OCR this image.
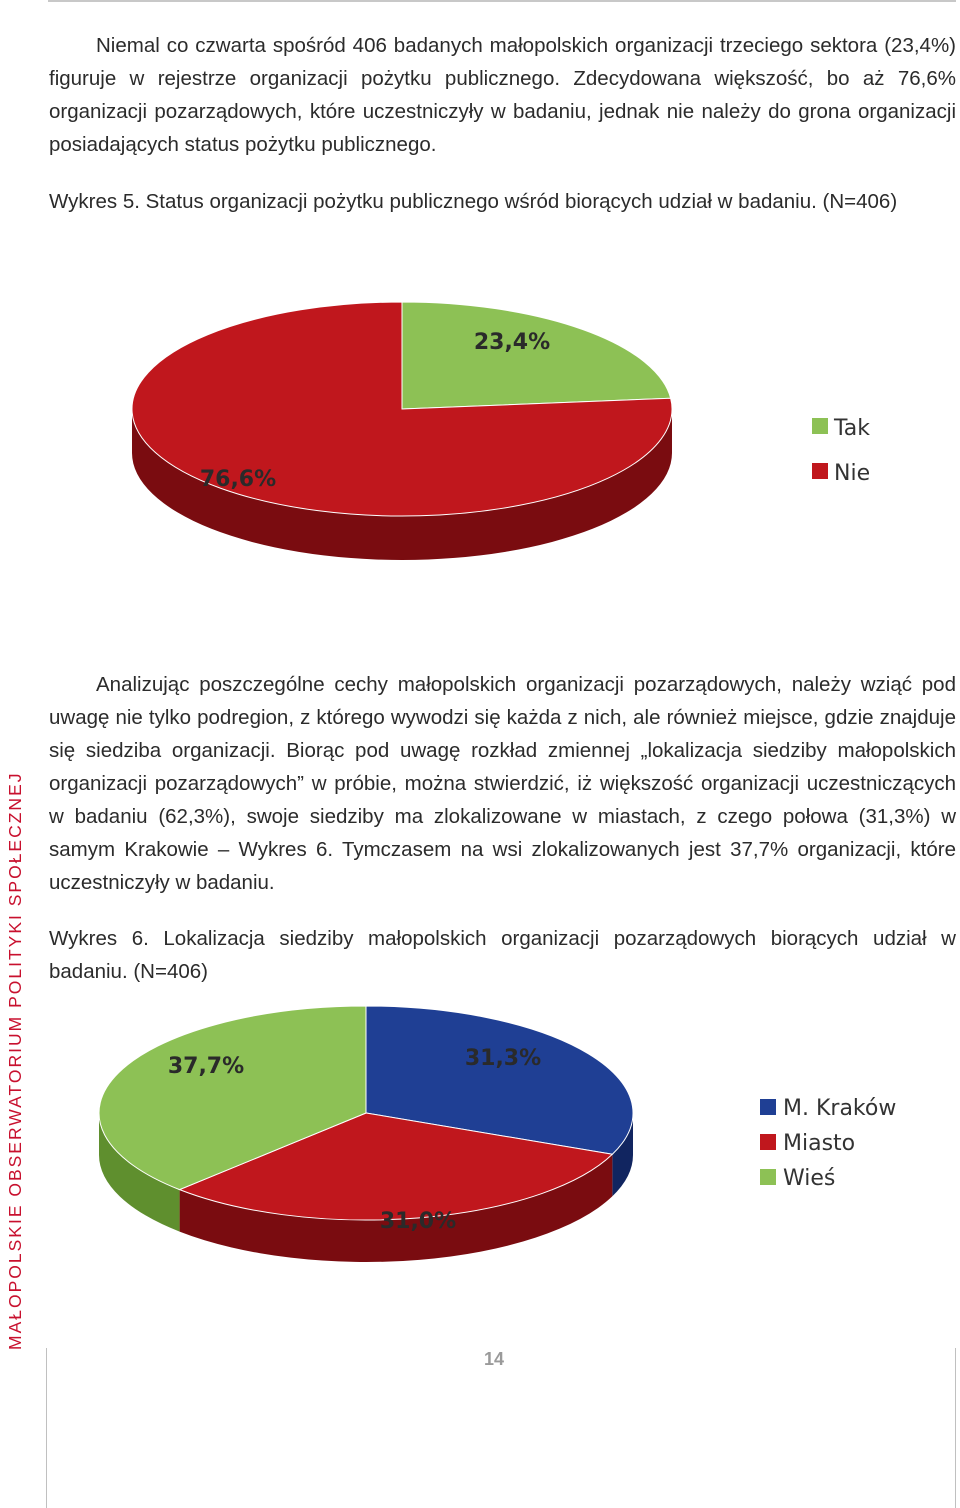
Niemal co czwarta spośród 406 badanych małopolskich organizacji trzeciego sektora (23,4%) figuruje w rejestrze organizacji pożytku publicznego. Zdecydowana większość, bo aż 76,6% organizacji pozarządowych, które uczestniczyły w badaniu, jednak nie należy do grona organizacji posiadających status pożytku publicznego.

Wykres 5. Status organizacji pożytku publicznego wśród biorących udział w badaniu. (N=406)

23,4%
76,6%
Tak
Nie

Analizując poszczególne cechy małopolskich organizacji pozarządowych, należy wziąć pod uwagę nie tylko podregion, z którego wywodzi się każda z nich, ale również miejsce, gdzie znajduje się siedziba organizacji. Biorąc pod uwagę rozkład zmiennej „lokalizacja siedziby małopolskich organizacji pozarządowych” w próbie, można stwierdzić, iż większość organizacji uczestniczących w badaniu (62,3%), swoje siedziby ma zlokalizowane w miastach, z czego połowa (31,3%) w samym Krakowie – Wykres 6. Tymczasem na wsi zlokalizowanych jest 37,7% organizacji, które uczestniczyły w badaniu.

Wykres 6. Lokalizacja siedziby małopolskich organizacji pozarządowych biorących udział w badaniu. (N=406)

31,3%
31,0%
37,7%
M. Kraków
Miasto
Wieś
MAŁOPOLSKIE OBSERWATORIUM POLITYKI SPOŁECZNEJ
14
